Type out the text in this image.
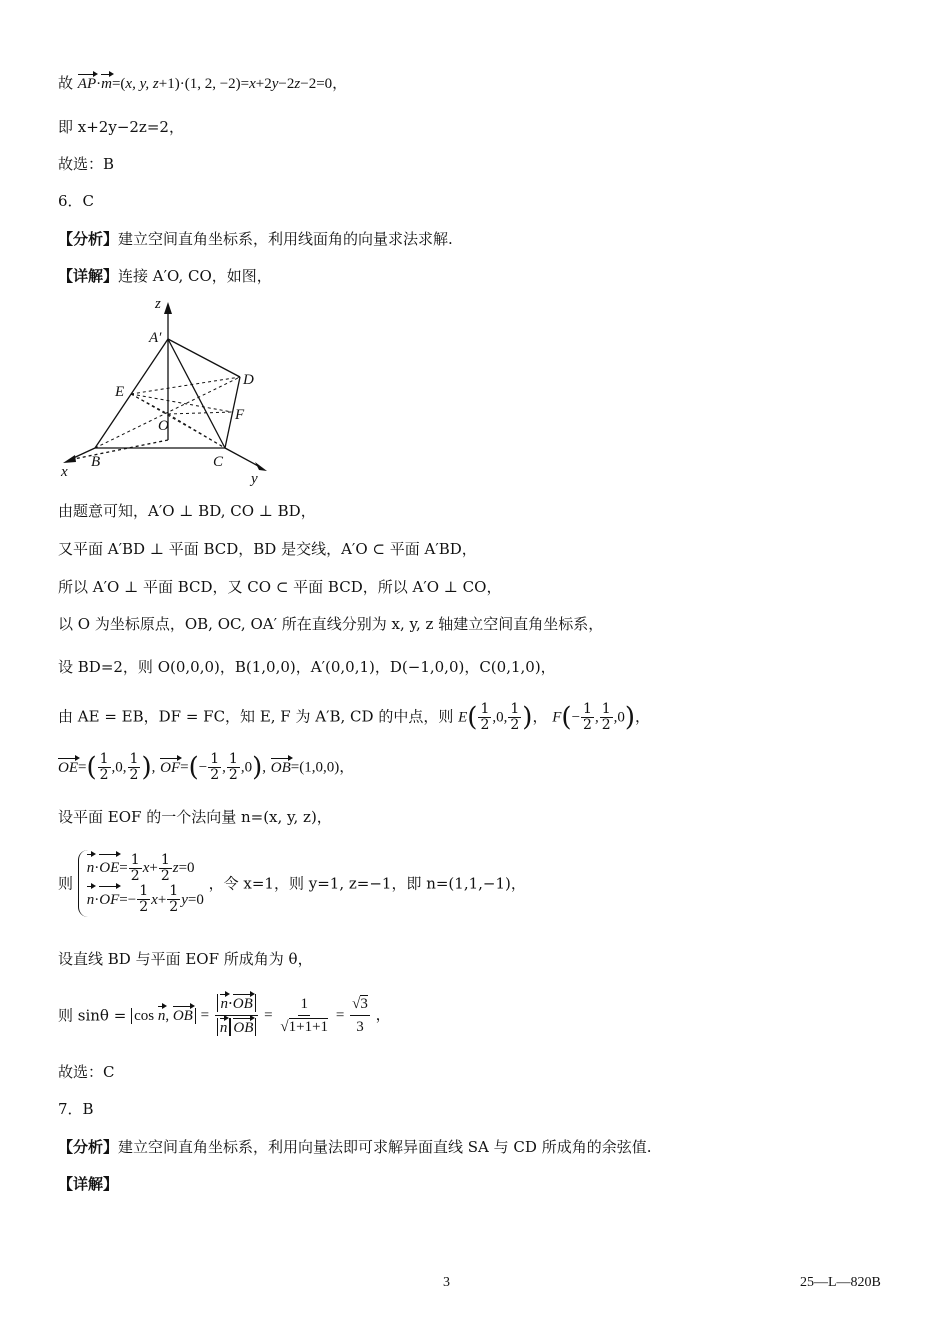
故 AP·m=(x, y, z+1)·(1, 2, −2)=x+2y−2z−2=0，
即 x+2y−2z=2，
故选：B
6．C
【分析】建立空间直角坐标系，利用线面角的向量求法求解.
【详解】连接 A′O, CO，如图，
z
A′
D
E
F
O
B	C
x	y
由题意可知，A′O ⊥ BD, CO ⊥ BD，
又平面 A′BD ⊥ 平面 BCD，BD 是交线，A′O ⊂ 平面 A′BD，
所以 A′O ⊥ 平面 BCD，又 CO ⊂ 平面 BCD，所以 A′O ⊥ CO，
以 O 为坐标原点，OB, OC, OA′ 所在直线分别为 x, y, z 轴建立空间直角坐标系，
设 BD=2，则 O(0,0,0)，B(1,0,0)，A′(0,0,1)，D(−1,0,0)，C(0,1,0)，
由 AE = EB，DF = FC，知 E, F 为 A′B, CD 的中点，则 $E( \frac{1}{2} ,0$, $\frac{1}{2}$ )， $F(- \frac{1}{2}$ , $\frac{1}{2} ,0$)，
$OE=( \frac{1}{2} ,0$, $\frac{1}{2}$ ), $OF=(- \frac{1}{2}$ , $\frac{1}{2} ,0$), OB=(1,0,0)，
设平面 EOF 的一个法向量 n=(x, y, z)，
则
$n\cdot OE= \frac{1}{2} x+ \frac{1}{2} z=0$
$n\cdot OF=- \frac{1}{2} x+ \frac{1}{2} y=0$
，令 x=1，则 y=1, z=−1，即 n=(1,1,−1)，
设直线 BD 与平面 EOF 所成角为 θ，
则 sinθ = cos n, OB = $\frac{n\cdot OB}{\text{n OB}} = \frac{1}{√1+1+1} = \frac{√3}{3}$ ，
故选：C
7．B
【分析】建立空间直角坐标系，利用向量法即可求解异面直线 SA 与 CD 所成角的余弦值.
【详解】
3	25—L—820B
